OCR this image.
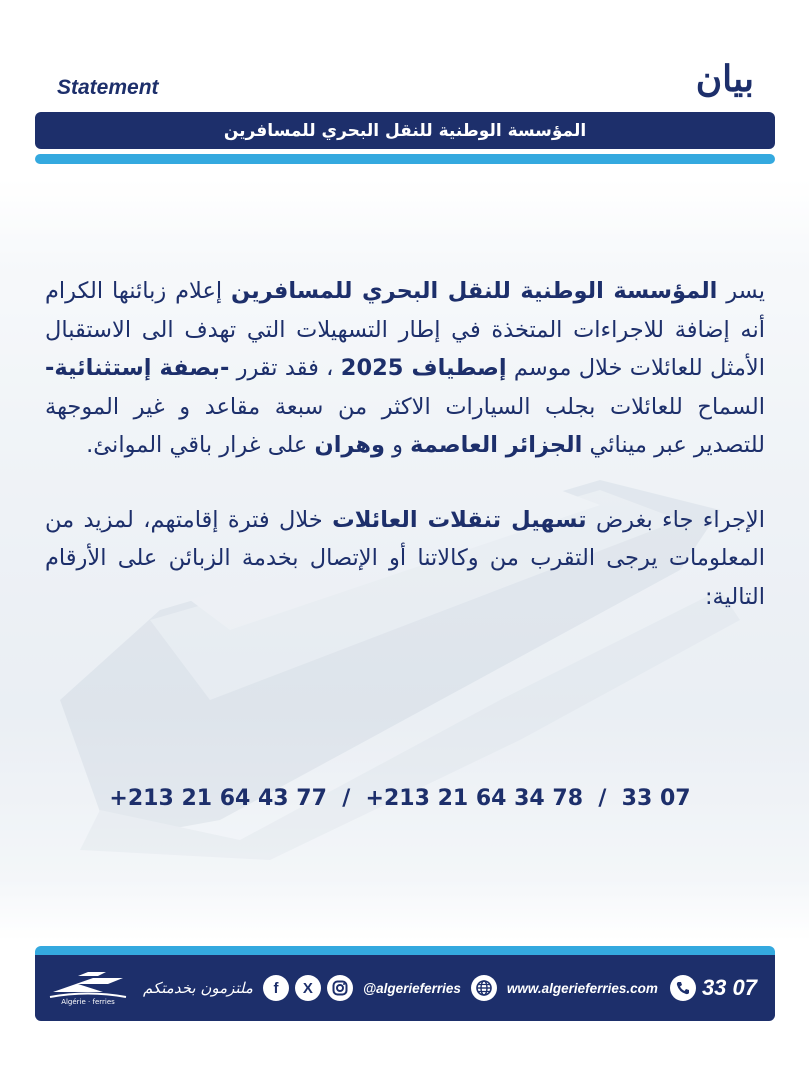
Statement	بيان
المؤسسة الوطنية للنقل البحري للمسافرين

يسر المؤسسة الوطنية للنقل البحري للمسافرين إعلام زبائنها الكرام أنه إضافة للاجراءات المتخذة في إطار التسهيلات التي تهدف الى الاستقبال الأمثل للعائلات خلال موسم إصطياف 2025 ، فقد تقرر -بصفة إستثنائية- السماح للعائلات بجلب السيارات الاكثر من سبعة مقاعد و غير الموجهة للتصدير عبر مينائي الجزائر العاصمة و وهران على غرار باقي الموانئ.

الإجراء جاء بغرض تسهيل تنقلات العائلات خلال فترة إقامتهم، لمزيد من المعلومات يرجى التقرب من وكالاتنا أو الإتصال بخدمة الزبائن على الأرقام التالية:

+213 21 64 43 77  /  +213 21 64 34 78  /  33 07
Algérie · ferries
ملتزمون بخدمتكم	f	X	@algerieferries	www.algerieferries.com 33 07
